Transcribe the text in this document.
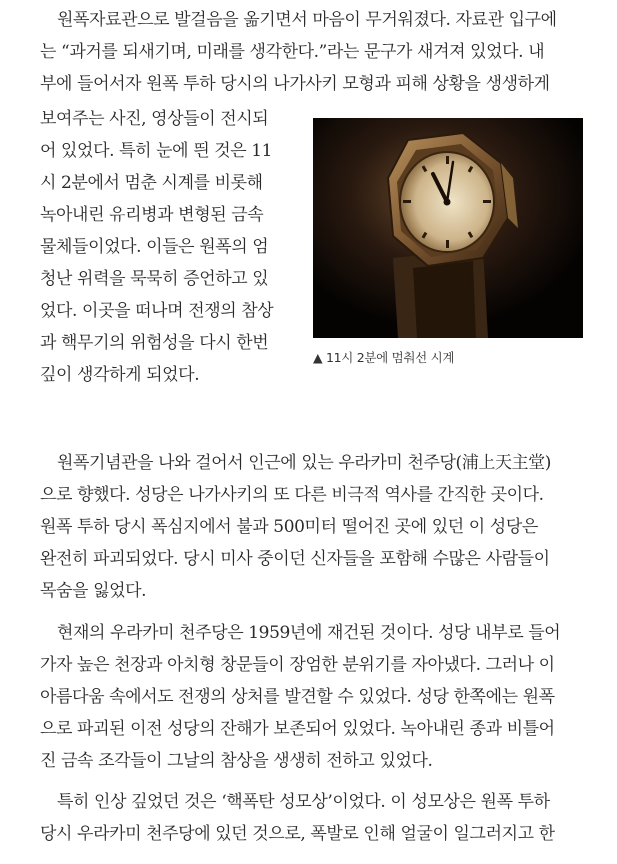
원폭자료관으로 발걸음을 옮기면서 마음이 무거워졌다. 자료관 입구에
는 “과거를 되새기며, 미래를 생각한다.”라는 문구가 새겨져 있었다. 내
부에 들어서자 원폭 투하 당시의 나가사키 모형과 피해 상황을 생생하게
보여주는 사진, 영상들이 전시되
어 있었다. 특히 눈에 띈 것은 11
시 2분에서 멈춘 시계를 비롯해
녹아내린 유리병과 변형된 금속
물체들이었다. 이들은 원폭의 엄
청난 위력을 묵묵히 증언하고 있
었다. 이곳을 떠나며 전쟁의 참상
과 핵무기의 위험성을 다시 한번
깊이 생각하게 되었다.
▲ 11시 2분에 멈춰선 시계
원폭기념관을 나와 걸어서 인근에 있는 우라카미 천주당(浦上天主堂)
으로 향했다. 성당은 나가사키의 또 다른 비극적 역사를 간직한 곳이다.
원폭 투하 당시 폭심지에서 불과 500미터 떨어진 곳에 있던 이 성당은
완전히 파괴되었다. 당시 미사 중이던 신자들을 포함해 수많은 사람들이
목숨을 잃었다.
현재의 우라카미 천주당은 1959년에 재건된 것이다. 성당 내부로 들어
가자 높은 천장과 아치형 창문들이 장엄한 분위기를 자아냈다. 그러나 이
아름다움 속에서도 전쟁의 상처를 발견할 수 있었다. 성당 한쪽에는 원폭
으로 파괴된 이전 성당의 잔해가 보존되어 있었다. 녹아내린 종과 비틀어
진 금속 조각들이 그날의 참상을 생생히 전하고 있었다.
특히 인상 깊었던 것은 ‘핵폭탄 성모상’이었다. 이 성모상은 원폭 투하
당시 우라카미 천주당에 있던 것으로, 폭발로 인해 얼굴이 일그러지고 한
